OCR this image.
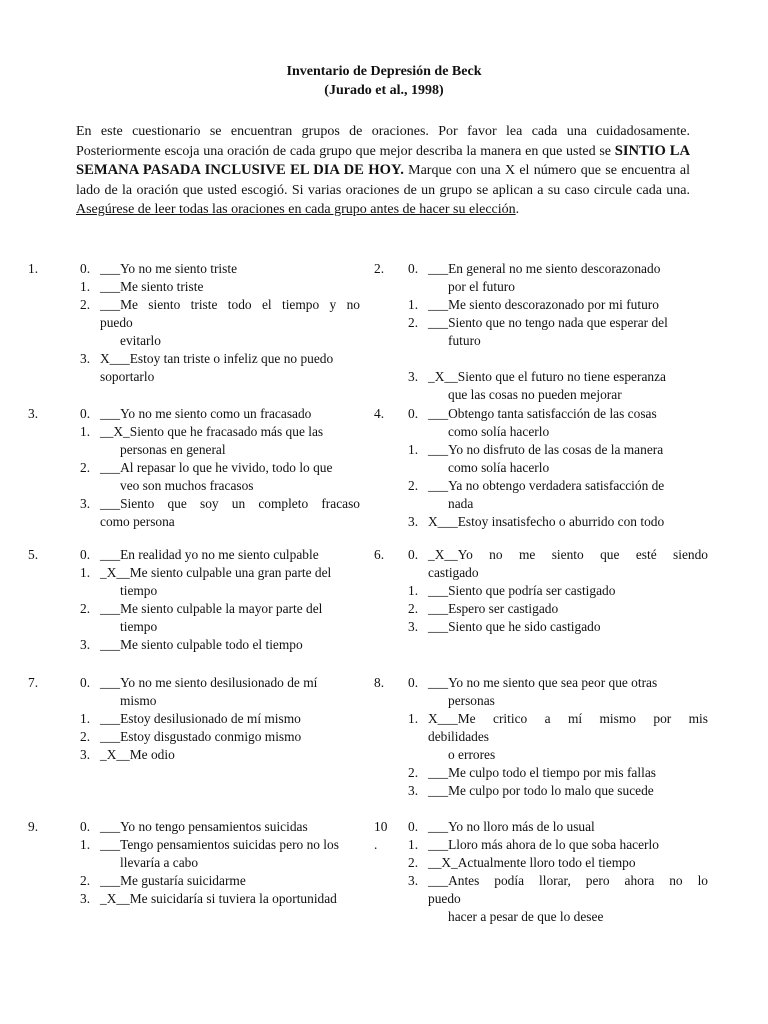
Inventario de Depresión de Beck
(Jurado et al., 1998)
En este cuestionario se encuentran grupos de oraciones. Por favor lea cada una cuidadosamente. Posteriormente escoja una oración de cada grupo que mejor describa la manera en que usted se SINTIO LA SEMANA PASADA INCLUSIVE EL DIA DE HOY. Marque con una X el número que se encuentra al lado de la oración que usted escogió. Si varias oraciones de un grupo se aplican a su caso circule cada una. Asegúrese de leer todas las oraciones en cada grupo antes de hacer su elección.
1.	0. ___Yo no me siento triste
1. ___Me siento triste
2. ___Me siento triste todo el tiempo y no
puedo
evitarlo
3. X___Estoy tan triste o infeliz que no puedo
soportarlo
2. 0. ___En general no me siento descorazonado
por el futuro
1. ___Me siento descorazonado por mi futuro
2. ___Siento que no tengo nada que esperar del
futuro
3. _X__Siento que el futuro no tiene esperanza
que las cosas no pueden mejorar
3.	0. ___Yo no me siento como un fracasado
1. __X_Siento que he fracasado más que las
personas en general
2. ___Al repasar lo que he vivido, todo lo que
veo son muchos fracasos
3. ___Siento que soy un completo fracaso
como persona
4. 0. ___Obtengo tanta satisfacción de las cosas
como solía hacerlo
1. ___Yo no disfruto de las cosas de la manera
como solía hacerlo
2. ___Ya no obtengo verdadera satisfacción de
nada
3. X___Estoy insatisfecho o aburrido con todo
5.	0. ___En realidad yo no me siento culpable
1. _X__Me siento culpable una gran parte del
tiempo
2. ___Me siento culpable la mayor parte del
tiempo
3. ___Me siento culpable todo el tiempo
6. 0. _X__Yo no me siento que esté siendo
castigado
1. ___Siento que podría ser castigado
2. ___Espero ser castigado
3. ___Siento que he sido castigado
7.	0. ___Yo no me siento desilusionado de mí
mismo
1. ___Estoy desilusionado de mí mismo
2. ___Estoy disgustado conmigo mismo
3. _X__Me odio
8. 0. ___Yo no me siento que sea peor que otras
personas
1. X___Me critico a mí mismo por mis
debilidades
o errores
2. ___Me culpo todo el tiempo por mis fallas
3. ___Me culpo por todo lo malo que sucede
9.	0. ___Yo no tengo pensamientos suicidas
1. ___Tengo pensamientos suicidas pero no los
llevaría a cabo
2. ___Me gustaría suicidarme
3. _X__Me suicidaría si tuviera la oportunidad
10
.
0. ___Yo no lloro más de lo usual
1. ___Lloro más ahora de lo que soba hacerlo
2. __X_Actualmente lloro todo el tiempo
3. ___Antes podía llorar, pero ahora no lo
puedo
hacer a pesar de que lo desee
